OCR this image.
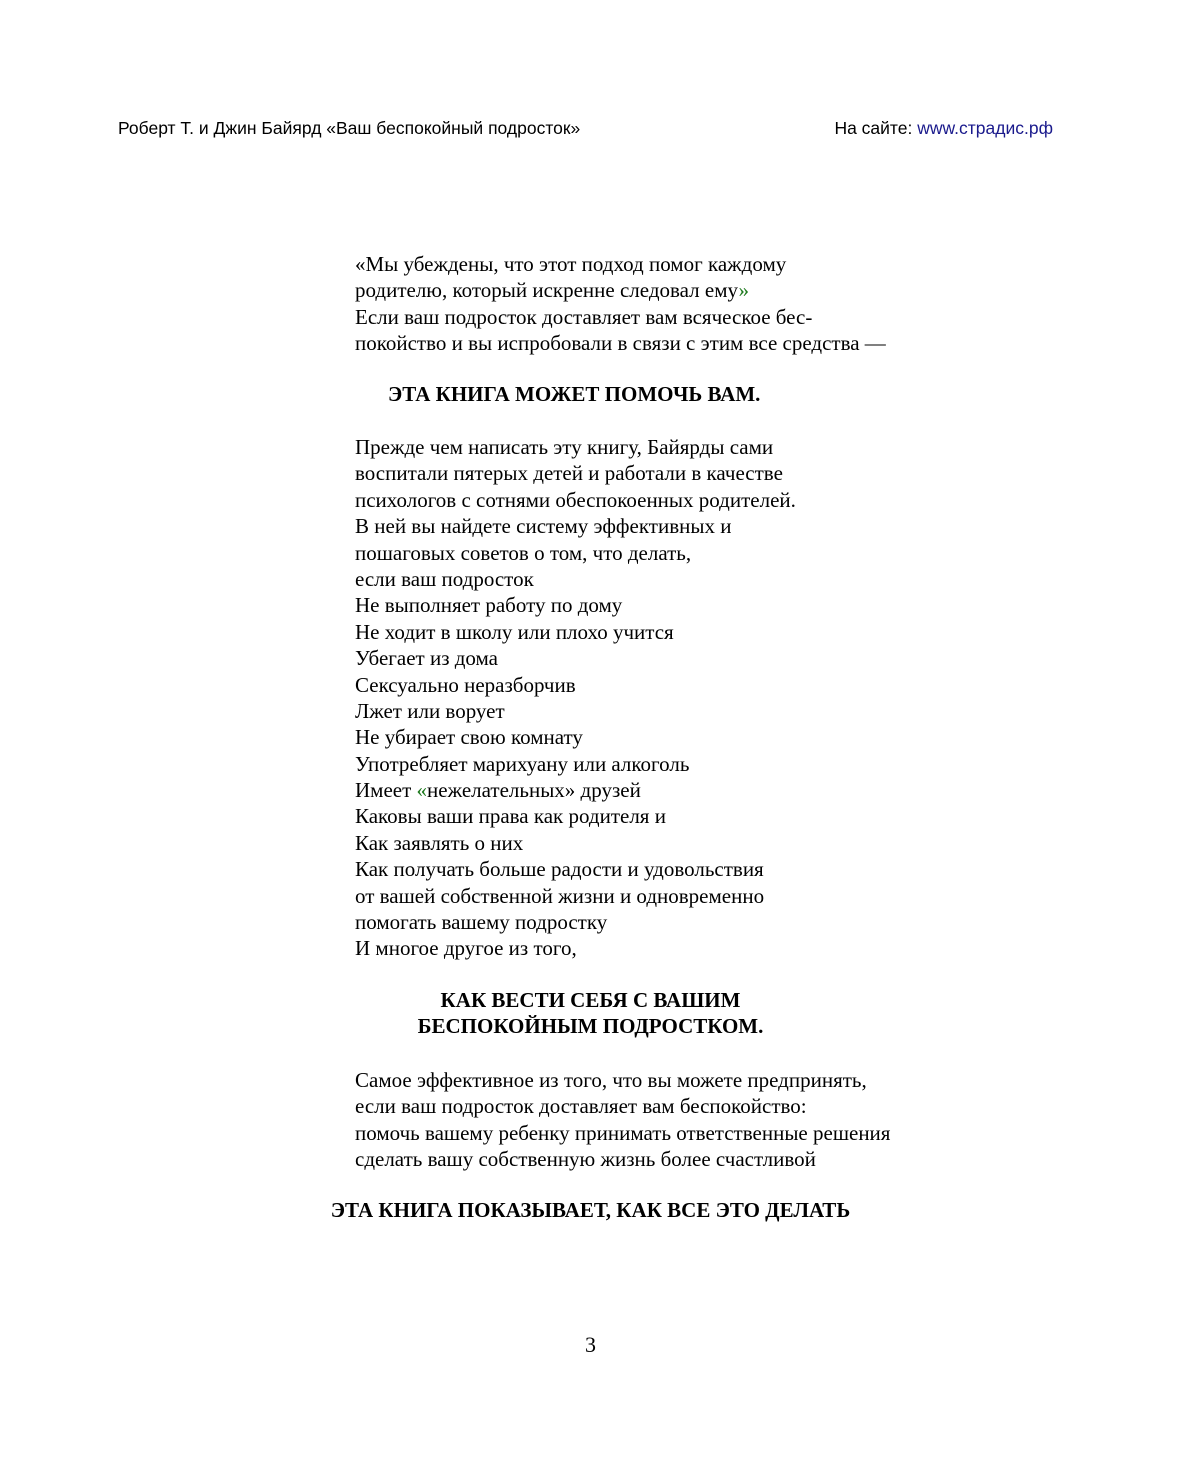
Роберт Т. и Джин Байярд «Ваш беспокойный подросток»	На сайте: www.страдис.рф
«Мы убеждены, что этот подход помог каждому
родителю, который искренне следовал ему»
Если ваш подросток доставляет вам всяческое бес-
покойство и вы испробовали в связи с этим все средства —
ЭТА КНИГА МОЖЕТ ПОМОЧЬ ВАМ.
Прежде чем написать эту книгу, Байярды сами
воспитали пятерых детей и работали в качестве
психологов с сотнями обеспокоенных родителей.
В ней вы найдете систему эффективных и
пошаговых советов о том, что делать,
если ваш подросток
Не выполняет работу по дому
Не ходит в школу или плохо учится
Убегает из дома
Сексуально неразборчив
Лжет или ворует
Не убирает свою комнату
Употребляет марихуану или алкоголь
Имеет «нежелательных» друзей
Каковы ваши права как родителя и
Как заявлять о них
Как получать больше радости и удовольствия
от вашей собственной жизни и одновременно
помогать вашему подростку
И многое другое из того,
КАК ВЕСТИ СЕБЯ С ВАШИМ
БЕСПОКОЙНЫМ ПОДРОСТКОМ.
Самое эффективное из того, что вы можете предпринять,
если ваш подросток доставляет вам беспокойство:
помочь вашему ребенку принимать ответственные решения
сделать вашу собственную жизнь более счастливой
ЭТА КНИГА ПОКАЗЫВАЕТ, КАК ВСЕ ЭТО ДЕЛАТЬ
3
